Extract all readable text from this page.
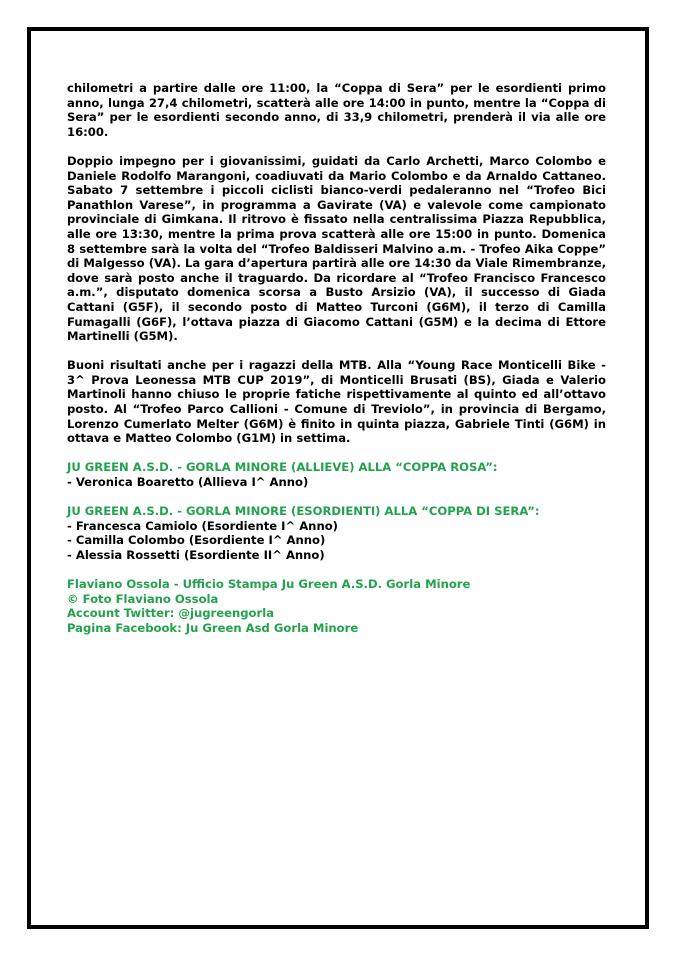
chilometri a partire dalle ore 11:00, la “Coppa di Sera” per le esordienti primo anno, lunga 27,4 chilometri, scatterà alle ore 14:00 in punto, mentre la “Coppa di Sera” per le esordienti secondo anno, di 33,9 chilometri, prenderà il via alle ore 16:00.

Doppio impegno per i giovanissimi, guidati da Carlo Archetti, Marco Colombo e Daniele Rodolfo Marangoni, coadiuvati da Mario Colombo e da Arnaldo Cattaneo. Sabato 7 settembre i piccoli ciclisti bianco-verdi pedaleranno nel “Trofeo Bici Panathlon Varese”, in programma a Gavirate (VA) e valevole come campionato provinciale di Gimkana. Il ritrovo è fissato nella centralissima Piazza Repubblica, alle ore 13:30, mentre la prima prova scatterà alle ore 15:00 in punto. Domenica 8 settembre sarà la volta del “Trofeo Baldisseri Malvino a.m. - Trofeo Aika Coppe” di Malgesso (VA). La gara d’apertura partirà alle ore 14:30 da Viale Rimembranze, dove sarà posto anche il traguardo. Da ricordare al “Trofeo Francisco Francesco a.m.”, disputato domenica scorsa a Busto Arsizio (VA), il successo di Giada Cattani (G5F), il secondo posto di Matteo Turconi (G6M), il terzo di Camilla Fumagalli (G6F), l’ottava piazza di Giacomo Cattani (G5M) e la decima di Ettore Martinelli (G5M).

Buoni risultati anche per i ragazzi della MTB. Alla “Young Race Monticelli Bike - 3^ Prova Leonessa MTB CUP 2019”, di Monticelli Brusati (BS), Giada e Valerio Martinoli hanno chiuso le proprie fatiche rispettivamente al quinto ed all’ottavo posto. Al “Trofeo Parco Callioni - Comune di Treviolo”, in provincia di Bergamo, Lorenzo Cumerlato Melter (G6M) è finito in quinta piazza, Gabriele Tinti (G6M) in ottava e Matteo Colombo (G1M) in settima.

JU GREEN A.S.D. - GORLA MINORE (ALLIEVE) ALLA “COPPA ROSA”:
- Veronica Boaretto (Allieva I^ Anno)
JU GREEN A.S.D. - GORLA MINORE (ESORDIENTI) ALLA “COPPA DI SERA”:
- Francesca Camiolo (Esordiente I^ Anno)
- Camilla Colombo (Esordiente I^ Anno)
- Alessia Rossetti (Esordiente II^ Anno)
Flaviano Ossola - Ufficio Stampa Ju Green A.S.D. Gorla Minore
© Foto Flaviano Ossola
Account Twitter: @jugreengorla
Pagina Facebook: Ju Green Asd Gorla Minore
